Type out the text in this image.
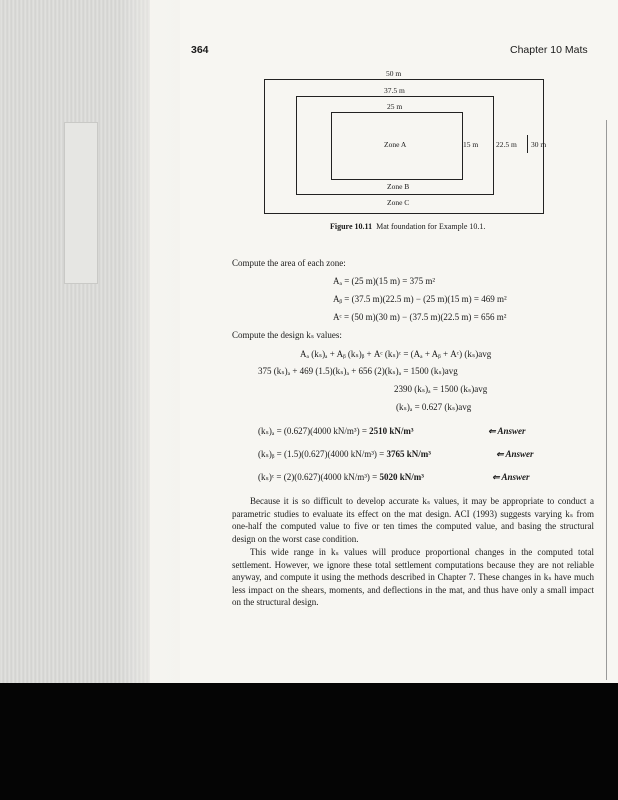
364	Chapter 10 Mats
50 m
37.5 m
25 m
Zone A	15 m 22.5 m 30 m
Zone B
Zone C
Figure 10.11 Mat foundation for Example 10.1.
Compute the area of each zone:
Aₐ = (25 m)(15 m) = 375 m²
Aᵦ = (37.5 m)(22.5 m) − (25 m)(15 m) = 469 m²
Aᶜ = (50 m)(30 m) − (37.5 m)(22.5 m) = 656 m²
Compute the design kₛ values:
Aₐ (kₛ)ₐ + Aᵦ (kₛ)ᵦ + Aᶜ (kₛ)ᶜ = (Aₐ + Aᵦ + Aᶜ) (kₛ)avg
375 (kₛ)ₐ + 469 (1.5)(kₛ)ₐ + 656 (2)(kₛ)ₐ = 1500 (kₛ)avg
2390 (kₛ)ₐ = 1500 (kₛ)avg
(kₛ)ₐ = 0.627 (kₛ)avg
(kₛ)ₐ = (0.627)(4000 kN/m³) = 2510 kN/m³	⇐ Answer
(kₛ)ᵦ = (1.5)(0.627)(4000 kN/m³) = 3765 kN/m³	⇐ Answer
(kₛ)ᶜ = (2)(0.627)(4000 kN/m³) = 5020 kN/m³	⇐ Answer

Because it is so difficult to develop accurate kₛ values, it may be appropriate to conduct a parametric studies to evaluate its effect on the mat design. ACI (1993) suggests varying kₛ from one-half the computed value to five or ten times the computed value, and basing the structural design on the worst case condition.

This wide range in kₛ values will produce proportional changes in the computed total settlement. However, we ignore these total settlement computations because they are not reliable anyway, and compute it using the methods described in Chapter 7. These changes in kₛ have much less impact on the shears, moments, and deflections in the mat, and thus have only a small impact on the structural design.
